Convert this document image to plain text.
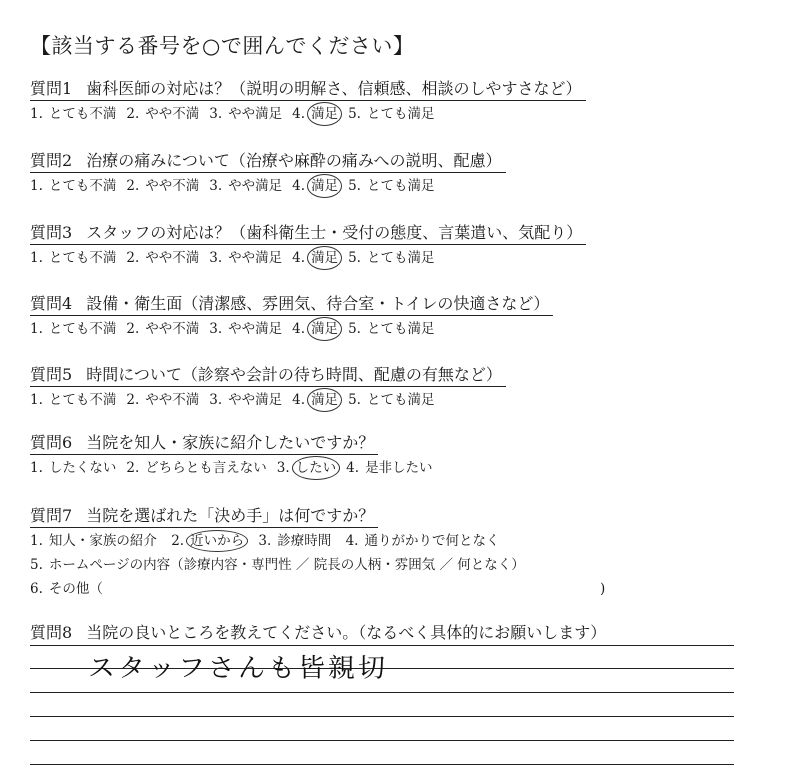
【該当する番号を○で囲んでください】
質問1 歯科医師の対応は？（説明の明解さ、信頼感、相談のしやすさなど）
1. とても不満 2. やや不満 3. やや満足 4. 満足 5. とても満足
質問2 治療の痛みについて（治療や麻酔の痛みへの説明、配慮）
1. とても不満 2. やや不満 3. やや満足 4. 満足 5. とても満足
質問3 スタッフの対応は？（歯科衛生士・受付の態度、言葉遣い、気配り）
1. とても不満 2. やや不満 3. やや満足 4. 満足 5. とても満足
質問4 設備・衛生面（清潔感、雰囲気、待合室・トイレの快適さなど）
1. とても不満 2. やや不満 3. やや満足 4. 満足 5. とても満足
質問5 時間について（診察や会計の待ち時間、配慮の有無など）
1. とても不満 2. やや不満 3. やや満足 4. 満足 5. とても満足
質問6 当院を知人・家族に紹介したいですか？
1. したくない 2. どちらとも言えない 3. したい 4. 是非したい
質問7 当院を選ばれた「決め手」は何ですか？
1. 知人・家族の紹介 2. 近いから 3. 診療時間 4. 通りがかりで何となく
5. ホームページの内容（診療内容・専門性 ／ 院長の人柄・雰囲気 ／ 何となく）
6. その他（	)
質問8 当院の良いところを教えてください。（なるべく具体的にお願いします）
スタッフさんも皆親切
